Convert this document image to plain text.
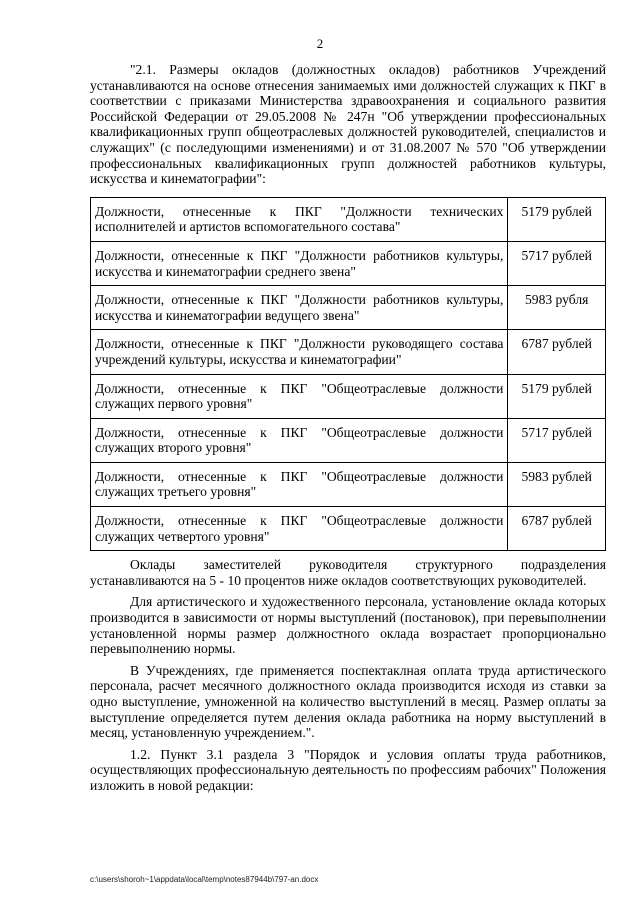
2

"2.1. Размеры окладов (должностных окладов) работников Учреждений устанавливаются на основе отнесения занимаемых ими должностей служащих к ПКГ в соответствии с приказами Министерства здравоохранения и социального развития Российской Федерации от 29.05.2008 № 247н "Об утверждении профессиональных квалификационных групп общеотраслевых должностей руководителей, специалистов и служащих" (с последующими изменениями) и от 31.08.2007 № 570 "Об утверждении профессиональных квалификационных групп должностей работников культуры, искусства и кинематографии":

Должности, отнесенные к ПКГ "Должности технических исполнителей и артистов вспомогательного состава"	5179 рублей
Должности, отнесенные к ПКГ "Должности работников культуры, искусства и кинематографии среднего звена"	5717 рублей
Должности, отнесенные к ПКГ "Должности работников культуры, искусства и кинематографии ведущего звена"	5983 рубля
Должности, отнесенные к ПКГ "Должности руководящего состава учреждений культуры, искусства и кинематографии"	6787 рублей
Должности, отнесенные к ПКГ "Общеотраслевые должности служащих первого уровня"	5179 рублей
Должности, отнесенные к ПКГ "Общеотраслевые должности служащих второго уровня"	5717 рублей
Должности, отнесенные к ПКГ "Общеотраслевые должности служащих третьего уровня"	5983 рублей
Должности, отнесенные к ПКГ "Общеотраслевые должности служащих четвертого уровня"	6787 рублей

Оклады заместителей руководителя структурного подразделения устанавливаются на 5 - 10 процентов ниже окладов соответствующих руководителей.

Для артистического и художественного персонала, установление оклада которых производится в зависимости от нормы выступлений (постановок), при перевыполнении установленной нормы размер должностного оклада возрастает пропорционально перевыполнению нормы.

В Учреждениях, где применяется поспектаклная оплата труда артистического персонала, расчет месячного должностного оклада производится исходя из ставки за одно выступление, умноженной на количество выступлений в месяц. Размер оплаты за выступление определяется путем деления оклада работника на норму выступлений в месяц, установленную учреждением.".

1.2. Пункт 3.1 раздела 3 "Порядок и условия оплаты труда работников, осуществляющих профессиональную деятельность по профессиям рабочих" Положения изложить в новой редакции:

c:\users\shoroh~1\appdata\local\temp\notes87944b\797-an.docx
